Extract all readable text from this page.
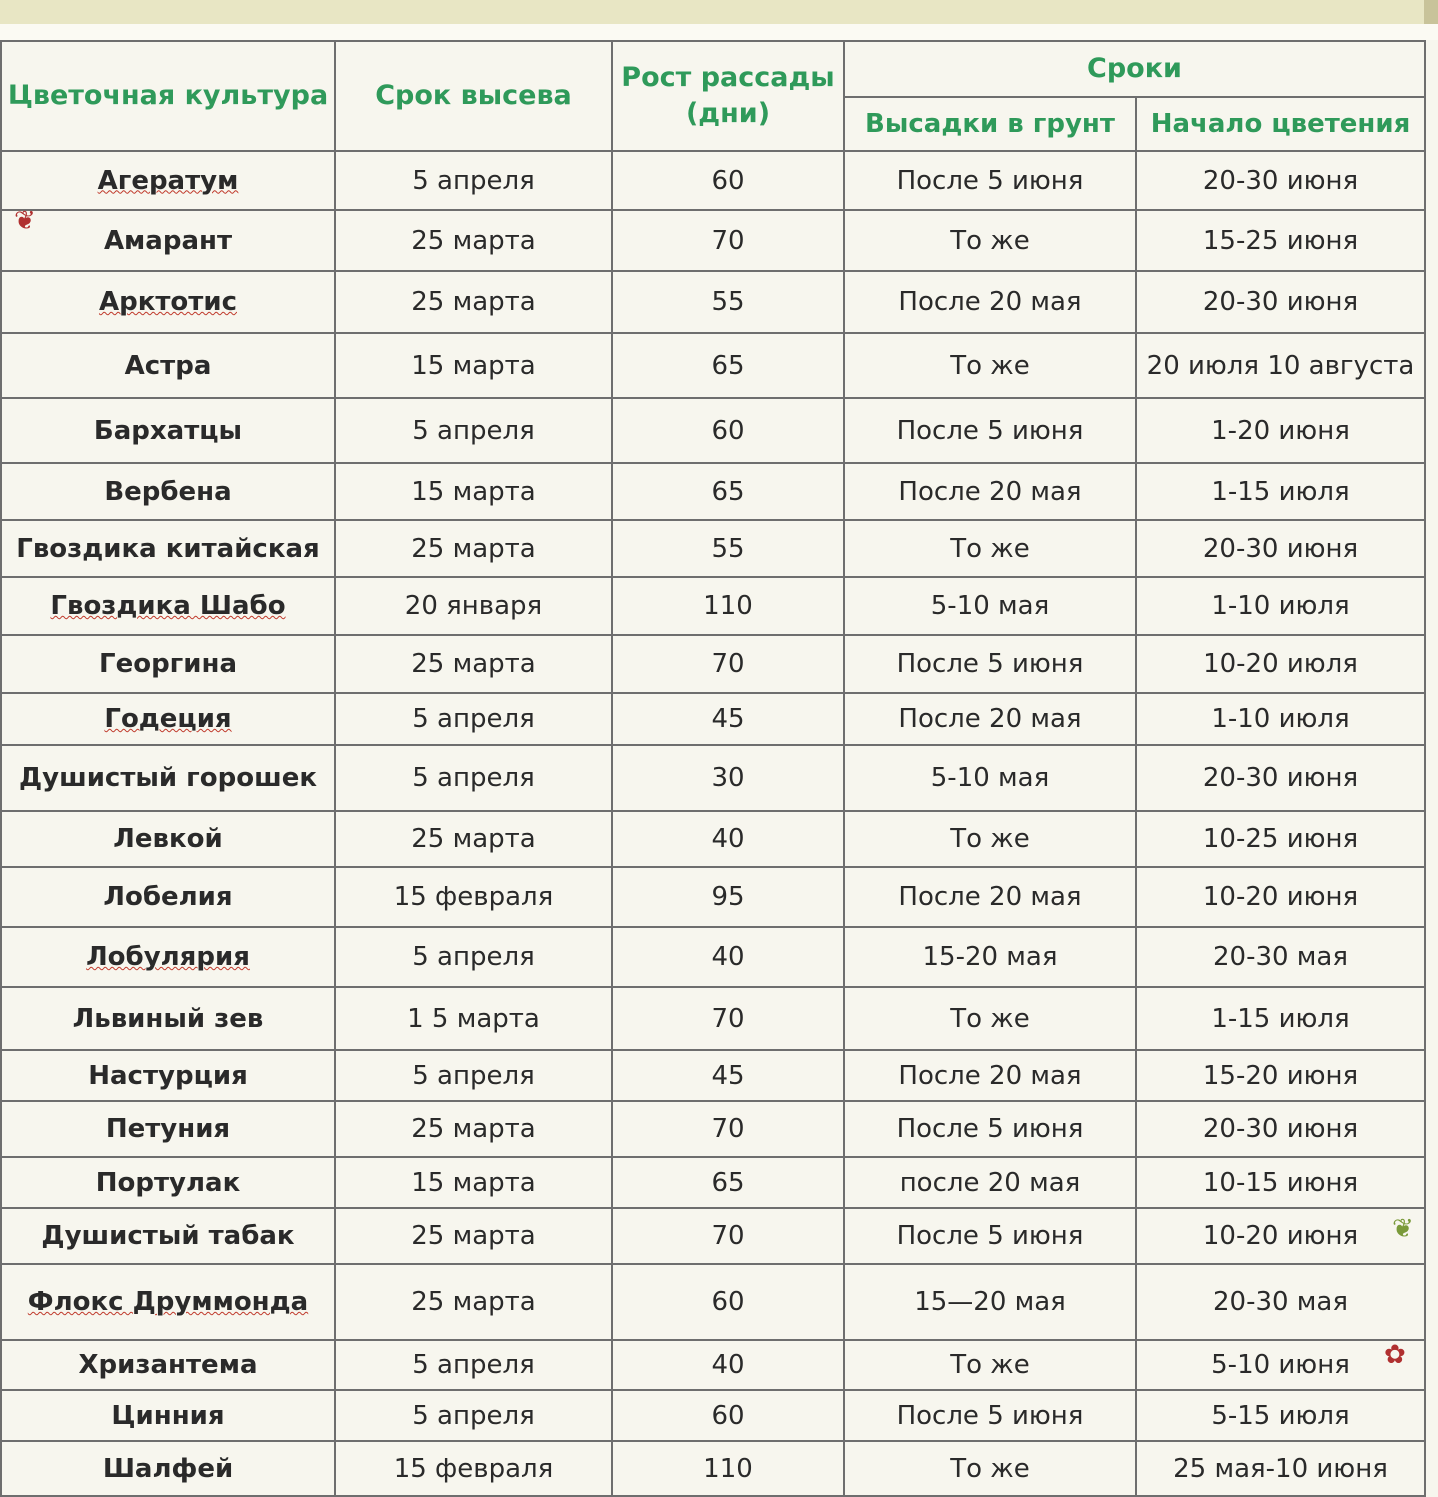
Цветочная культура	Срок высева	Рост рассады (дни)	Сроки	
			Высадки в грунт	Начало цветения
Агератум	5 апреля	60	После 5 июня	20-30 июня
Амарант	25 марта	70	То же	15-25 июня
Арктотис	25 марта	55	После 20 мая	20-30 июня
Астра	15 марта	65	То же	20 июля 10 августа
Бархатцы	5 апреля	60	После 5 июня	1-20 июня
Вербена	15 марта	65	После 20 мая	1-15 июля
Гвоздика китайская	25 марта	55	То же	20-30 июня
Гвоздика Шабо	20 января	110	5-10 мая	1-10 июля
Георгина	25 марта	70	После 5 июня	10-20 июля
Годеция	5 апреля	45	После 20 мая	1-10 июля
Душистый горошек	5 апреля	30	5-10 мая	20-30 июня
Левкой	25 марта	40	То же	10-25 июня
Лобелия	15 февраля	95	После 20 мая	10-20 июня
Лобулярия	5 апреля	40	15-20 мая	20-30 мая
Львиный зев	1 5 марта	70	То же	1-15 июля
Настурция	5 апреля	45	После 20 мая	15-20 июня
Петуния	25 марта	70	После 5 июня	20-30 июня
Портулак	15 марта	65	после 20 мая	10-15 июня
Душистый табак	25 марта	70	После 5 июня	10-20 июня
Флокс Друммонда	25 марта	60	15—20 мая	20-30 мая
Хризантема	5 апреля	40	То же	5-10 июня
Цинния	5 апреля	60	После 5 июня	5-15 июля
Шалфей	15 февраля	110	То же	25 мая-10 июня
❦
❦
✿
